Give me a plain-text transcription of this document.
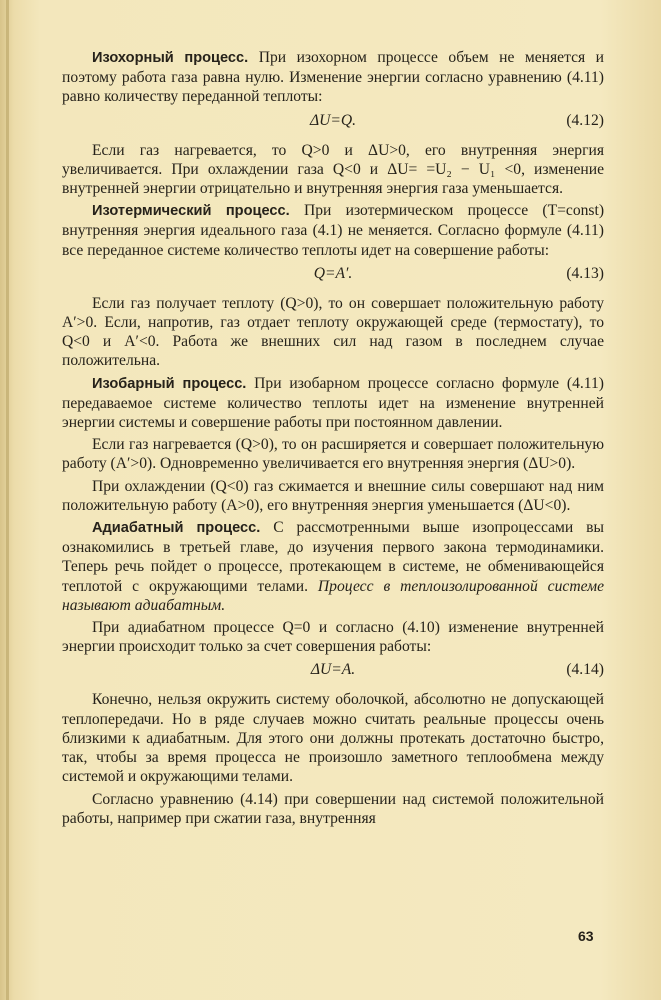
Изохорный процесс. При изохорном процессе объем не меняется и поэтому работа газа равна нулю. Изменение энергии согласно уравнению (4.11) равно количеству переданной теплоты:

ΔU=Q.	(4.12)

Если газ нагревается, то Q>0 и ΔU>0, его внутренняя энергия увеличивается. При охлаждении газа Q<0 и ΔU= =U₂ − U₁ <0, изменение внутренней энергии отрицательно и внутренняя энергия газа уменьшается.

Изотермический процесс. При изотермическом процессе (T=const) внутренняя энергия идеального газа (4.1) не меняется. Согласно формуле (4.11) все переданное системе количество теплоты идет на совершение работы:

Q=A′.	(4.13)

Если газ получает теплоту (Q>0), то он совершает положительную работу A′>0. Если, напротив, газ отдает теплоту окружающей среде (термостату), то Q<0 и A′<0. Работа же внешних сил над газом в последнем случае положительна.

Изобарный процесс. При изобарном процессе согласно формуле (4.11) передаваемое системе количество теплоты идет на изменение внутренней энергии системы и совершение работы при постоянном давлении.

Если газ нагревается (Q>0), то он расширяется и совершает положительную работу (A′>0). Одновременно увеличивается его внутренняя энергия (ΔU>0).

При охлаждении (Q<0) газ сжимается и внешние силы совершают над ним положительную работу (A>0), его внутренняя энергия уменьшается (ΔU<0).

Адиабатный процесс. С рассмотренными выше изопроцессами вы ознакомились в третьей главе, до изучения первого закона термодинамики. Теперь речь пойдет о процессе, протекающем в системе, не обменивающейся теплотой с окружающими телами. Процесс в теплоизолированной системе называют адиабатным.

При адиабатном процессе Q=0 и согласно (4.10) изменение внутренней энергии происходит только за счет совершения работы:

ΔU=A.	(4.14)

Конечно, нельзя окружить систему оболочкой, абсолютно не допускающей теплопередачи. Но в ряде случаев можно считать реальные процессы очень близкими к адиабатным. Для этого они должны протекать достаточно быстро, так, чтобы за время процесса не произошло заметного теплообмена между системой и окружающими телами.

Согласно уравнению (4.14) при совершении над системой положительной работы, например при сжатии газа, внутренняя

63
